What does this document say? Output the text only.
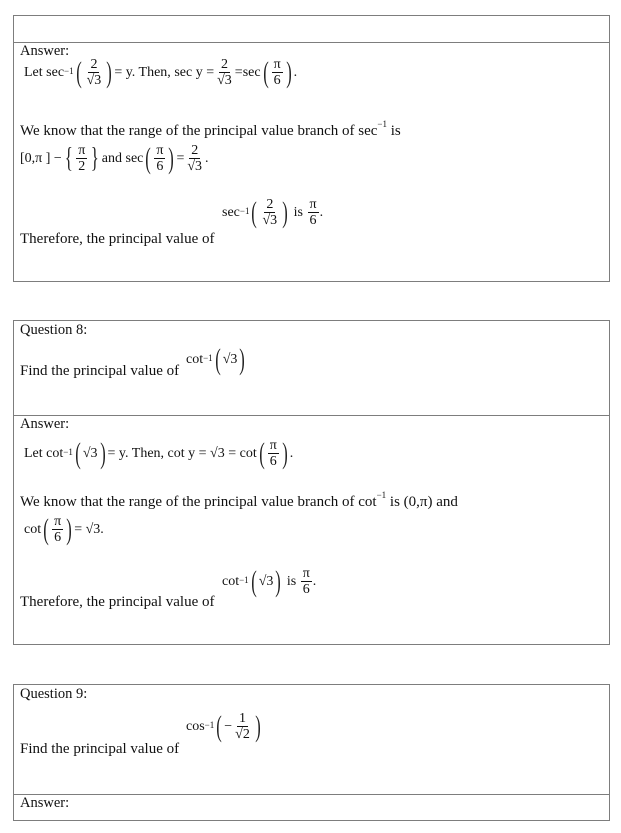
Answer:
Let
$\sec^{-1}$ ( $\frac{2}{√3}$ ) = y. Then,
$\sec y = \frac{2}{√3} = \sec$ ( $\frac{\pi}{6}$ ) .
We know that the range of the principal value branch of $\sec^{-1}$ is
[0,π ] − { $\frac{\pi}{2}$ } and sec ( $\frac{\pi}{6}$ ) = $\frac{2}{√3}$ .
Therefore, the principal value of
$\sec^{-1}$ ( $\frac{2}{√3}$ )
is
$\frac{\pi}{6}$ .
Question 8:
Find the principal value of
$\cot^{-1}$ ( √3 )
Answer:
Let
$\cot^{-1}$ ( √3 ) = y. Then,
cot y = √3 = cot ( $\frac{\pi}{6}$ ) .
We know that the range of the principal value branch of $\cot^{-1}$ is (0,π) and
cot ( $\frac{\pi}{6}$ ) = √3.
Therefore, the principal value of
$\cot^{-1}$ ( √3 )
is
$\frac{\pi}{6}$ .
Question 9:
Find the principal value of
$\cos^{-1}$ ( − $\frac{1}{√2}$ )
Answer:
